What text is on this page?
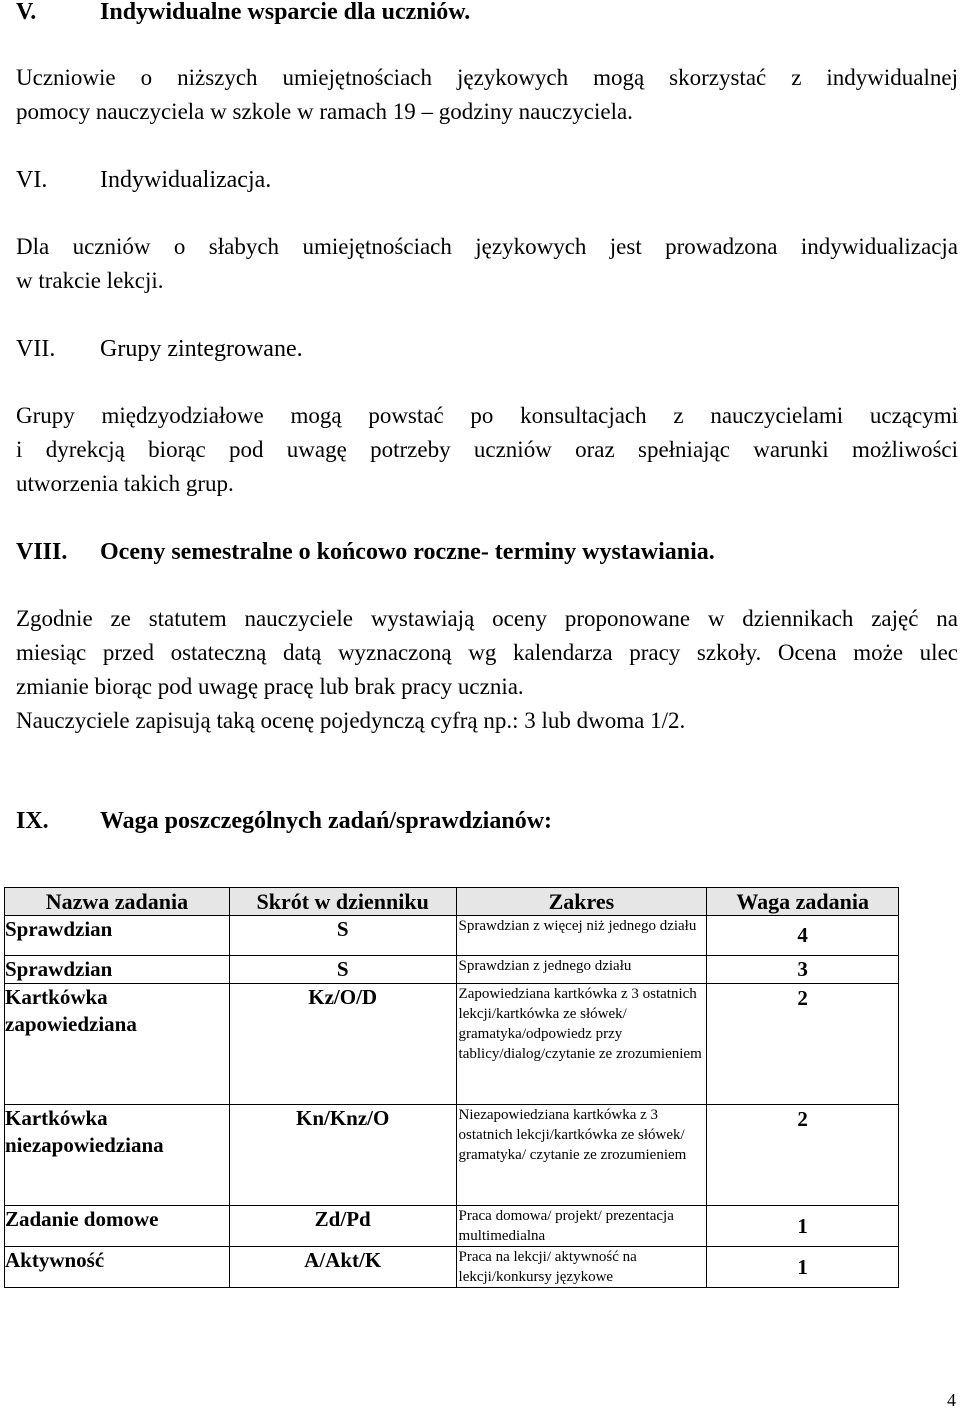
V.	Indywidualne wsparcie dla uczniów.
Uczniowie o niższych umiejętnościach językowych mogą skorzystać z indywidualnej
pomocy nauczyciela w szkole w ramach 19 – godziny nauczyciela.
VI. Indywidualizacja.
Dla uczniów o słabych umiejętnościach językowych jest prowadzona indywidualizacja
w trakcie lekcji.
VII. Grupy zintegrowane.
Grupy międzyodziałowe mogą powstać po konsultacjach z nauczycielami uczącymi
i dyrekcją biorąc pod uwagę potrzeby uczniów oraz spełniając warunki możliwości
utworzenia takich grup.
VIII. Oceny semestralne o końcowo roczne- terminy wystawiania.
Zgodnie ze statutem nauczyciele wystawiają oceny proponowane w dziennikach zajęć na
miesiąc przed ostateczną datą wyznaczoną wg kalendarza pracy szkoły. Ocena może ulec
zmianie biorąc pod uwagę pracę lub brak pracy ucznia.
Nauczyciele zapisują taką ocenę pojedynczą cyfrą np.: 3 lub dwoma 1/2.
IX. Waga poszczególnych zadań/sprawdzianów:
Nazwa zadania	Skrót w dzienniku	Zakres	Waga zadania
Sprawdzian	S	Sprawdzian z więcej niż jednego działu	4
Sprawdzian	S	Sprawdzian z jednego działu	3
Kartkówka zapowiedziana	Kz/O/D	Zapowiedziana kartkówka z 3 ostatnich lekcji/kartkówka ze słówek/ gramatyka/odpowiedz przy tablicy/dialog/czytanie ze zrozumieniem	2
Kartkówka niezapowiedziana	Kn/Knz/O	Niezapowiedziana kartkówka z 3 ostatnich lekcji/kartkówka ze słówek/ gramatyka/ czytanie ze zrozumieniem	2
Zadanie domowe	Zd/Pd	Praca domowa/ projekt/ prezentacja multimedialna	1
Aktywność	A/Akt/K	Praca na lekcji/ aktywność na lekcji/konkursy językowe	1
4
